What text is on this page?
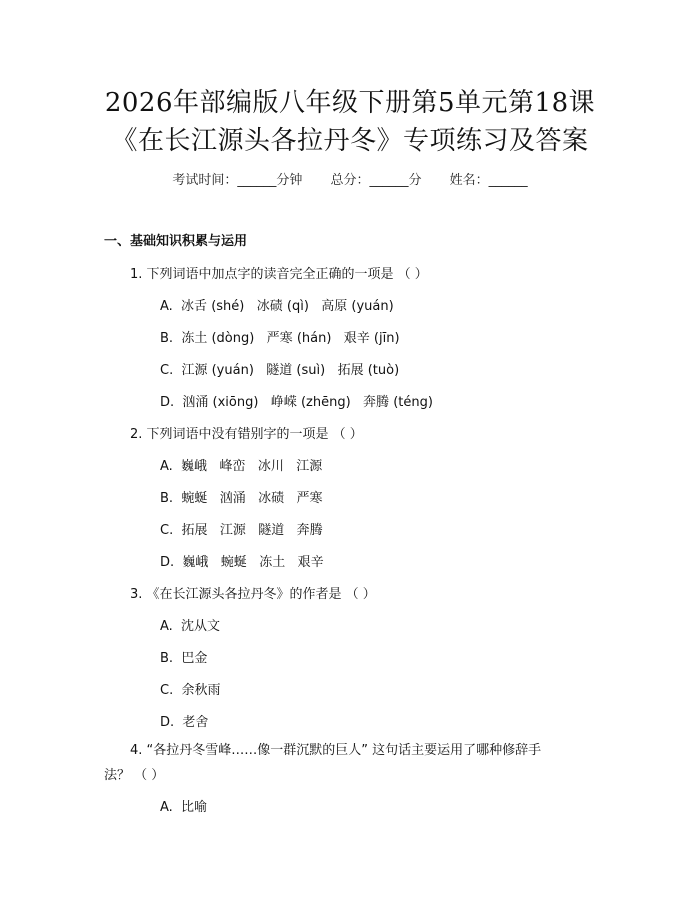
2026年部编版八年级下册第5单元第18课
《在长江源头各拉丹冬》专项练习及答案
考试时间：______分钟 总分：______分 姓名：______
一、基础知识积累与运用
1. 下列词语中加点字的读音完全正确的一项是 （ ）
A.  冰舌 (shé)   冰碛 (qì)   高原 (yuán)
B.  冻土 (dòng)   严寒 (hán)   艰辛 (jīn)
C.  江源 (yuán)   隧道 (suì)   拓展 (tuò)
D.  汹涌 (xiōng)   峥嵘 (zhēng)   奔腾 (téng)
2. 下列词语中没有错别字的一项是 （ ）
A.  巍峨   峰峦   冰川   江源
B.  蜿蜒   汹涌   冰碛   严寒
C.  拓展   江源   隧道   奔腾
D.  巍峨   蜿蜒   冻土   艰辛
3. 《在长江源头各拉丹冬》的作者是 （ ）
A.  沈从文
B.  巴金
C.  余秋雨
D.  老舍
4. “各拉丹冬雪峰……像一群沉默的巨人” 这句话主要运用了哪种修辞手
法？ （ ）
A.  比喻
